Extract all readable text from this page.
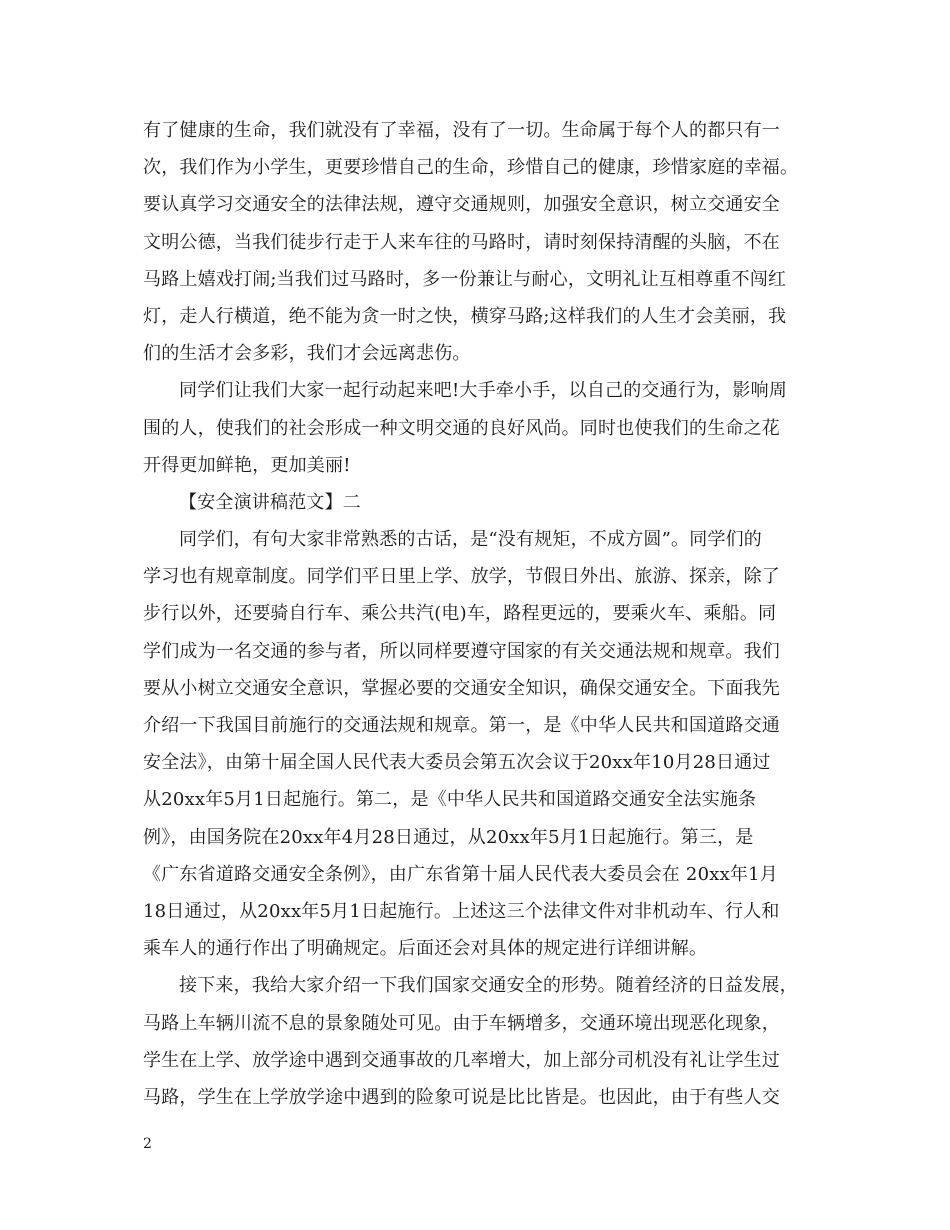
有了健康的生命，我们就没有了幸福，没有了一切。生命属于每个人的都只有一
次，我们作为小学生，更要珍惜自己的生命，珍惜自己的健康，珍惜家庭的幸福。
要认真学习交通安全的法律法规，遵守交通规则，加强安全意识，树立交通安全
文明公德，当我们徒步行走于人来车往的马路时，请时刻保持清醒的头脑，不在
马路上嬉戏打闹;当我们过马路时，多一份兼让与耐心，文明礼让互相尊重不闯红
灯，走人行横道，绝不能为贪一时之快，横穿马路;这样我们的人生才会美丽，我
们的生活才会多彩，我们才会远离悲伤。
同学们让我们大家一起行动起来吧!大手牵小手，以自己的交通行为，影响周
围的人，使我们的社会形成一种文明交通的良好风尚。同时也使我们的生命之花
开得更加鲜艳，更加美丽!
【安全演讲稿范文】二
同学们，有句大家非常熟悉的古话，是“没有规矩，不成方圆”。同学们的
学习也有规章制度。同学们平日里上学、放学，节假日外出、旅游、探亲，除了
步行以外，还要骑自行车、乘公共汽(电)车，路程更远的，要乘火车、乘船。同
学们成为一名交通的参与者，所以同样要遵守国家的有关交通法规和规章。我们
要从小树立交通安全意识，掌握必要的交通安全知识，确保交通安全。下面我先
介绍一下我国目前施行的交通法规和规章。第一，是《中华人民共和国道路交通
安全法》，由第十届全国人民代表大委员会第五次会议于20xx年10月28日通过
从20xx年5月1日起施行。第二，是《中华人民共和国道路交通安全法实施条
例》，由国务院在20xx年4月28日通过，从20xx年5月1日起施行。第三，是
《广东省道路交通安全条例》，由广东省第十届人民代表大委员会在 20xx年1月
18日通过，从20xx年5月1日起施行。上述这三个法律文件对非机动车、行人和
乘车人的通行作出了明确规定。后面还会对具体的规定进行详细讲解。
接下来，我给大家介绍一下我们国家交通安全的形势。随着经济的日益发展，
马路上车辆川流不息的景象随处可见。由于车辆增多，交通环境出现恶化现象，
学生在上学、放学途中遇到交通事故的几率增大，加上部分司机没有礼让学生过
马路，学生在上学放学途中遇到的险象可说是比比皆是。也因此，由于有些人交
2
